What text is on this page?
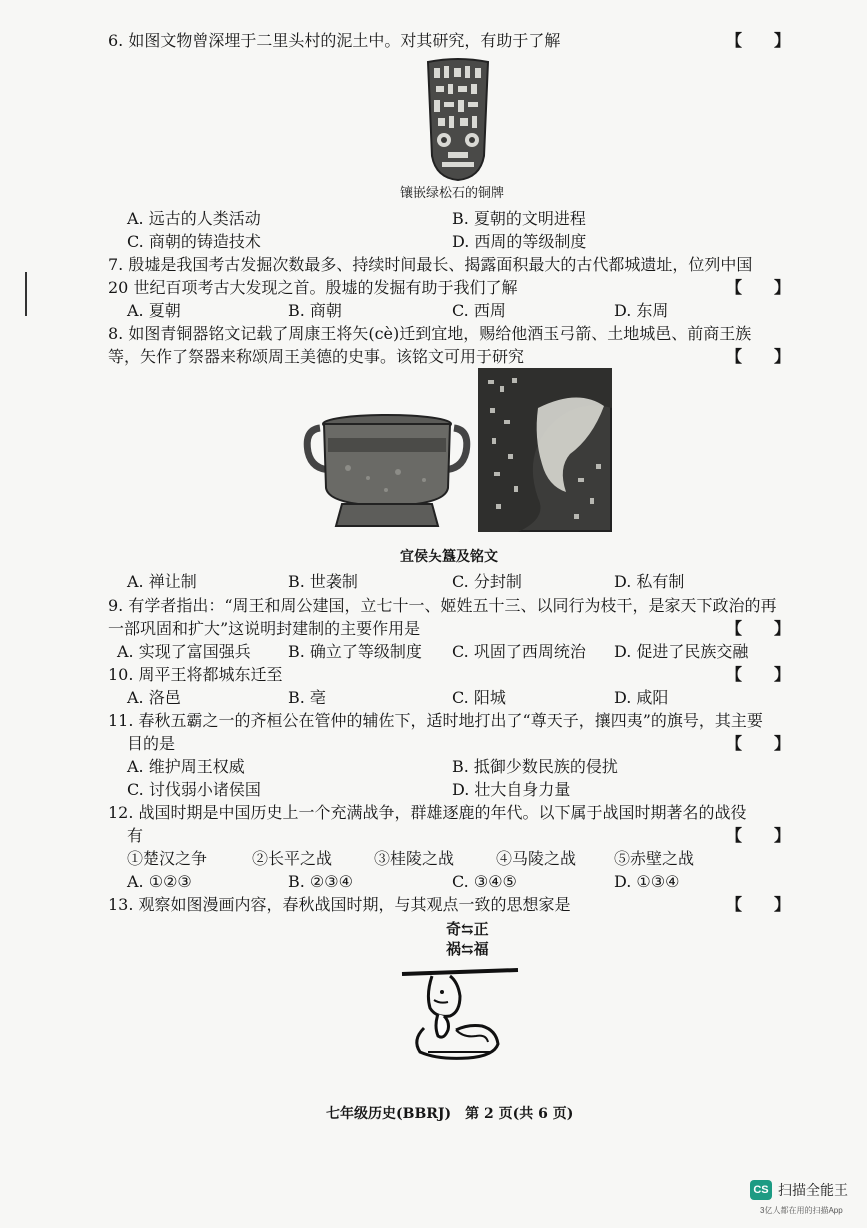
6. 如图文物曾深埋于二里头村的泥土中。对其研究，有助于了解	【　　】
镶嵌绿松石的铜牌
A. 远古的人类活动	B. 夏朝的文明进程
C. 商朝的铸造技术	D. 西周的等级制度
7. 殷墟是我国考古发掘次数最多、持续时间最长、揭露面积最大的古代都城遗址，位列中国
20 世纪百项考古大发现之首。殷墟的发掘有助于我们了解	【　　】
A. 夏朝	B. 商朝	C. 西周	D. 东周
8. 如图青铜器铭文记载了周康王将矢(cè)迁到宜地，赐给他酒玉弓箭、土地城邑、前商王族
等，矢作了祭器来称颂周王美德的史事。该铭文可用于研究	【　　】
宜侯夨簋及铭文
A. 禅让制	B. 世袭制	C. 分封制	D. 私有制
9. 有学者指出：“周王和周公建国，立七十一、姬姓五十三、以同行为枝干，是家天下政治的再
一部巩固和扩大”这说明封建制的主要作用是	【　　】
A. 实现了富国强兵 B. 确立了等级制度 C. 巩固了西周统治 D. 促进了民族交融
10. 周平王将都城东迁至	【　　】
A. 洛邑	B. 亳	C. 阳城	D. 咸阳
11. 春秋五霸之一的齐桓公在管仲的辅佐下，适时地打出了“尊天子，攘四夷”的旗号，其主要
目的是	【　　】
A. 维护周王权威	B. 抵御少数民族的侵扰
C. 讨伐弱小诸侯国	D. 壮大自身力量
12. 战国时期是中国历史上一个充满战争，群雄逐鹿的年代。以下属于战国时期著名的战役
有	【　　】
①楚汉之争	②长平之战	③桂陵之战	④马陵之战 ⑤赤壁之战
A. ①②③	B. ②③④	C. ③④⑤	D. ①③④
13. 观察如图漫画内容，春秋战国时期，与其观点一致的思想家是	【　　】
奇⇆正
祸⇆福
七年级历史(BBRJ)　第 2 页(共 6 页)
CS 扫描全能王
3亿人都在用的扫描App
